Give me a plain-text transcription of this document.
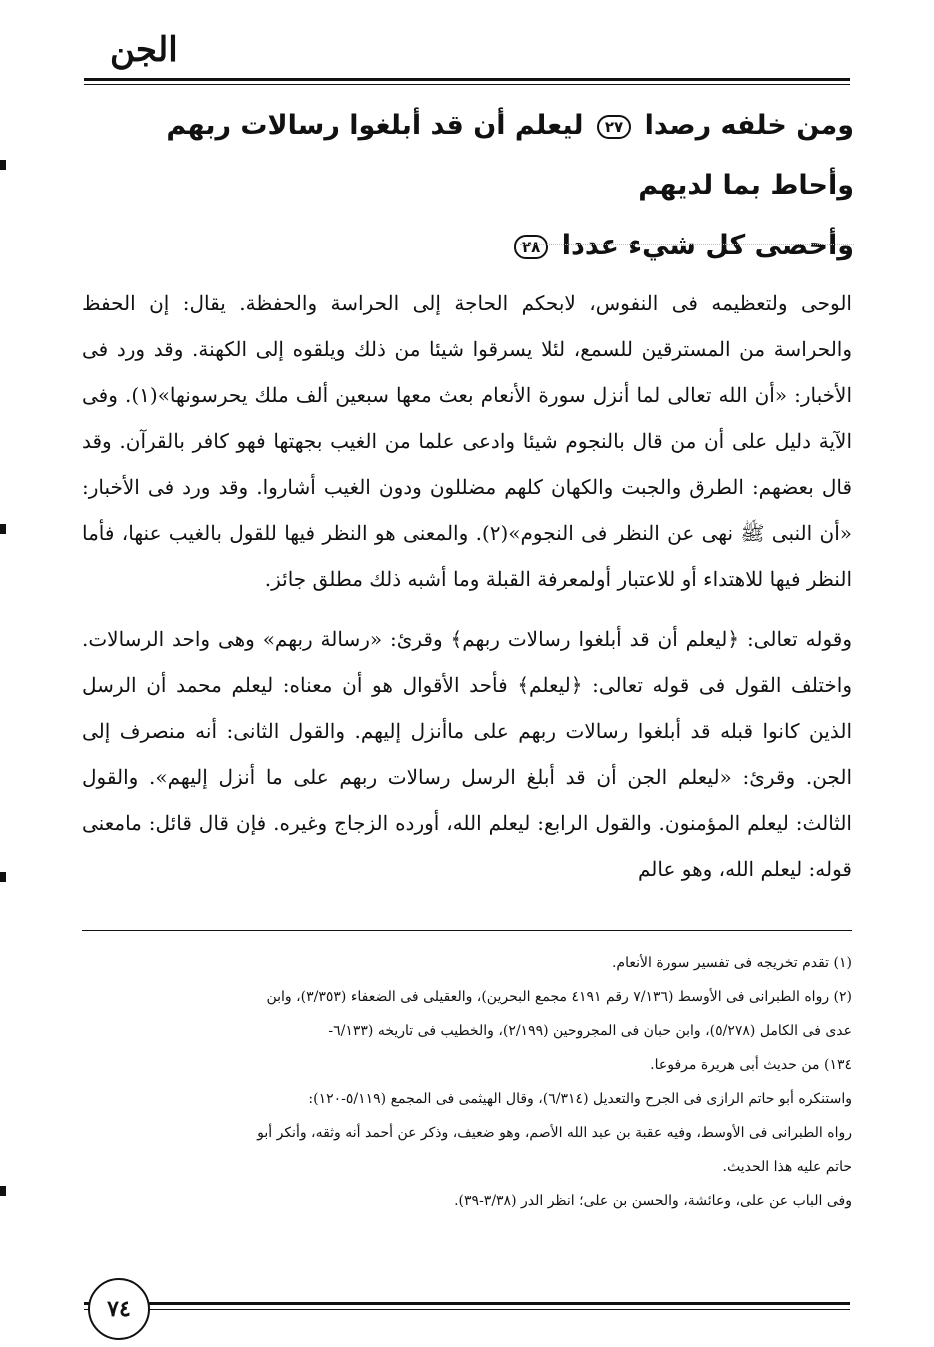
الجن
ومن خلفه رصدا ٢٧ ليعلم أن قد أبلغوا رسالات ربهم وأحاط بما لديهم
وأحصى كل شيء عددا ٢٨

الوحى ولتعظيمه فى النفوس، لابحكم الحاجة إلى الحراسة والحفظة. يقال: إن الحفظ والحراسة من المسترقين للسمع، لئلا يسرقوا شيئا من ذلك ويلقوه إلى الكهنة. وقد ورد فى الأخبار: «أن الله تعالى لما أنزل سورة الأنعام بعث معها سبعين ألف ملك يحرسونها»(١). وفى الآية دليل على أن من قال بالنجوم شيئا وادعى علما من الغيب بجهتها فهو كافر بالقرآن. وقد قال بعضهم: الطرق والجبت والكهان كلهم مضللون ودون الغيب أشاروا. وقد ورد فى الأخبار: «أن النبى ﷺ نهى عن النظر فى النجوم»(٢). والمعنى هو النظر فيها للقول بالغيب عنها، فأما النظر فيها للاهتداء أو للاعتبار أولمعرفة القبلة وما أشبه ذلك مطلق جائز.

وقوله تعالى: ﴿ليعلم أن قد أبلغوا رسالات ربهم﴾ وقرئ: «رسالة ربهم» وهى واحد الرسالات. واختلف القول فى قوله تعالى: ﴿ليعلم﴾ فأحد الأقوال هو أن معناه: ليعلم محمد أن الرسل الذين كانوا قبله قد أبلغوا رسالات ربهم على ماأنزل إليهم. والقول الثانى: أنه منصرف إلى الجن. وقرئ: «ليعلم الجن أن قد أبلغ الرسل رسالات ربهم على ما أنزل إليهم». والقول الثالث: ليعلم المؤمنون. والقول الرابع: ليعلم الله، أورده الزجاج وغيره. فإن قال قائل: مامعنى قوله: ليعلم الله، وهو عالم

(١) تقدم تخريجه فى تفسير سورة الأنعام.

(٢) رواه الطبرانى فى الأوسط (٧/١٣٦ رقم ٤١٩١ مجمع البحرين)، والعقيلى فى الضعفاء (٣/٣٥٣)، وابن

عدى فى الكامل (٥/٢٧٨)، وابن حبان فى المجروحين (٢/١٩٩)، والخطيب فى تاريخه (٦/١٣٣-

١٣٤) من حديث أبى هريرة مرفوعا.

واستنكره أبو حاتم الرازى فى الجرح والتعديل (٦/٣١٤)، وقال الهيثمى فى المجمع (٥/١١٩-١٢٠):

رواه الطبرانى فى الأوسط، وفيه عقبة بن عبد الله الأصم، وهو ضعيف، وذكر عن أحمد أنه وثقه، وأنكر أبو

حاتم عليه هذا الحديث.

وفى الباب عن على، وعائشة، والحسن بن على؛ انظر الدر (٣/٣٨-٣٩).

٧٤
